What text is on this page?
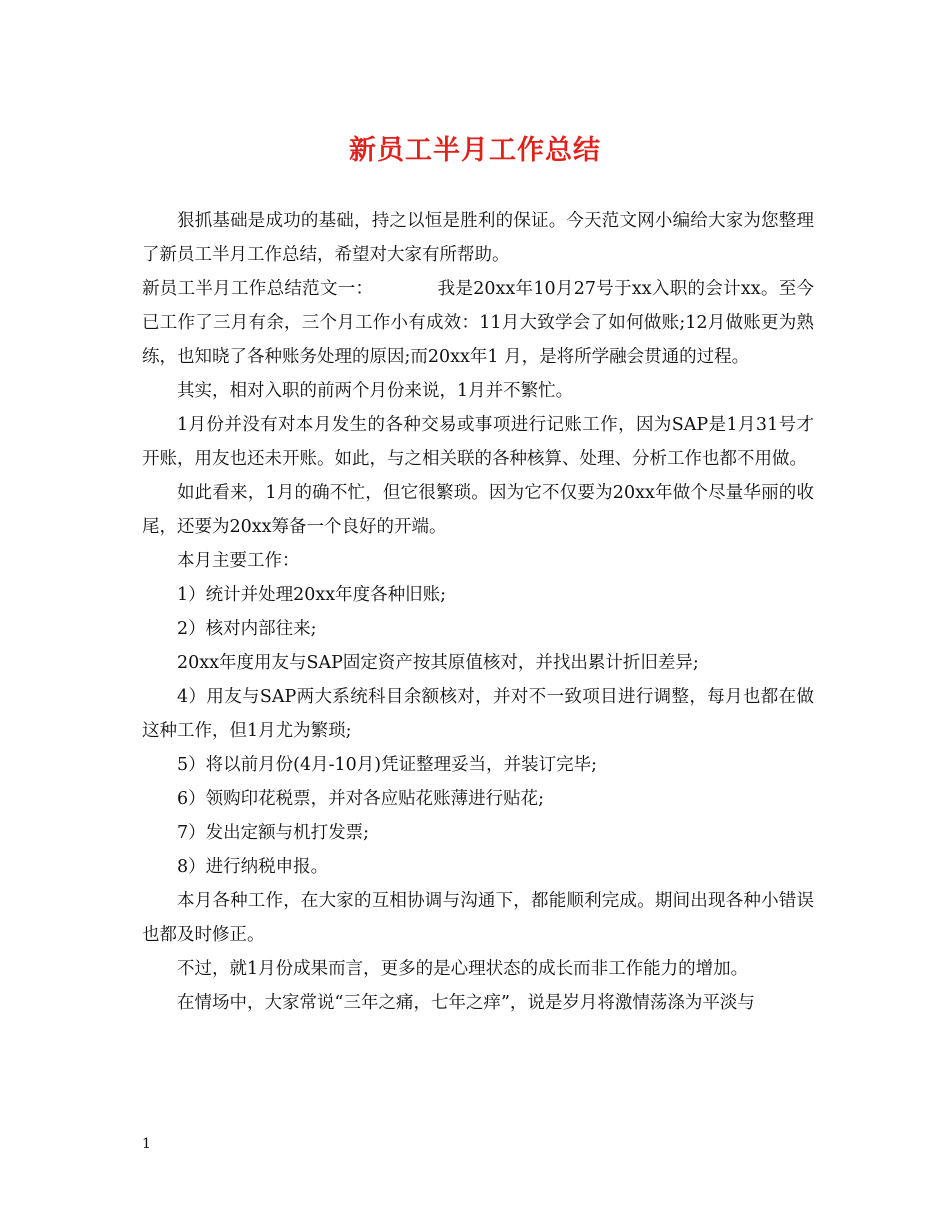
新员工半月工作总结

狠抓基础是成功的基础，持之以恒是胜利的保证。今天范文网小编给大家为您整理了新员工半月工作总结，希望对大家有所帮助。

新员工半月工作总结范文一：	我是20xx年10月27号于xx入职的会计xx。至今已工作了三月有余，三个月工作小有成效：11月大致学会了如何做账;12月做账更为熟练，也知晓了各种账务处理的原因;而20xx年1 月，是将所学融会贯通的过程。

其实，相对入职的前两个月份来说，1月并不繁忙。

1月份并没有对本月发生的各种交易或事项进行记账工作，因为SAP是1月31号才开账，用友也还未开账。如此，与之相关联的各种核算、处理、分析工作也都不用做。

如此看来，1月的确不忙，但它很繁琐。因为它不仅要为20xx年做个尽量华丽的收尾，还要为20xx筹备一个良好的开端。

本月主要工作：

1）统计并处理20xx年度各种旧账;

2）核对内部往来;

20xx年度用友与SAP固定资产按其原值核对，并找出累计折旧差异;

4）用友与SAP两大系统科目余额核对，并对不一致项目进行调整，每月也都在做这种工作，但1月尤为繁琐;

5）将以前月份(4月-10月)凭证整理妥当，并装订完毕;

6）领购印花税票，并对各应贴花账薄进行贴花;

7）发出定额与机打发票;

8）进行纳税申报。

本月各种工作，在大家的互相协调与沟通下，都能顺利完成。期间出现各种小错误也都及时修正。

不过，就1月份成果而言，更多的是心理状态的成长而非工作能力的增加。

在情场中，大家常说“三年之痛，七年之痒”，说是岁月将激情荡涤为平淡与

1
